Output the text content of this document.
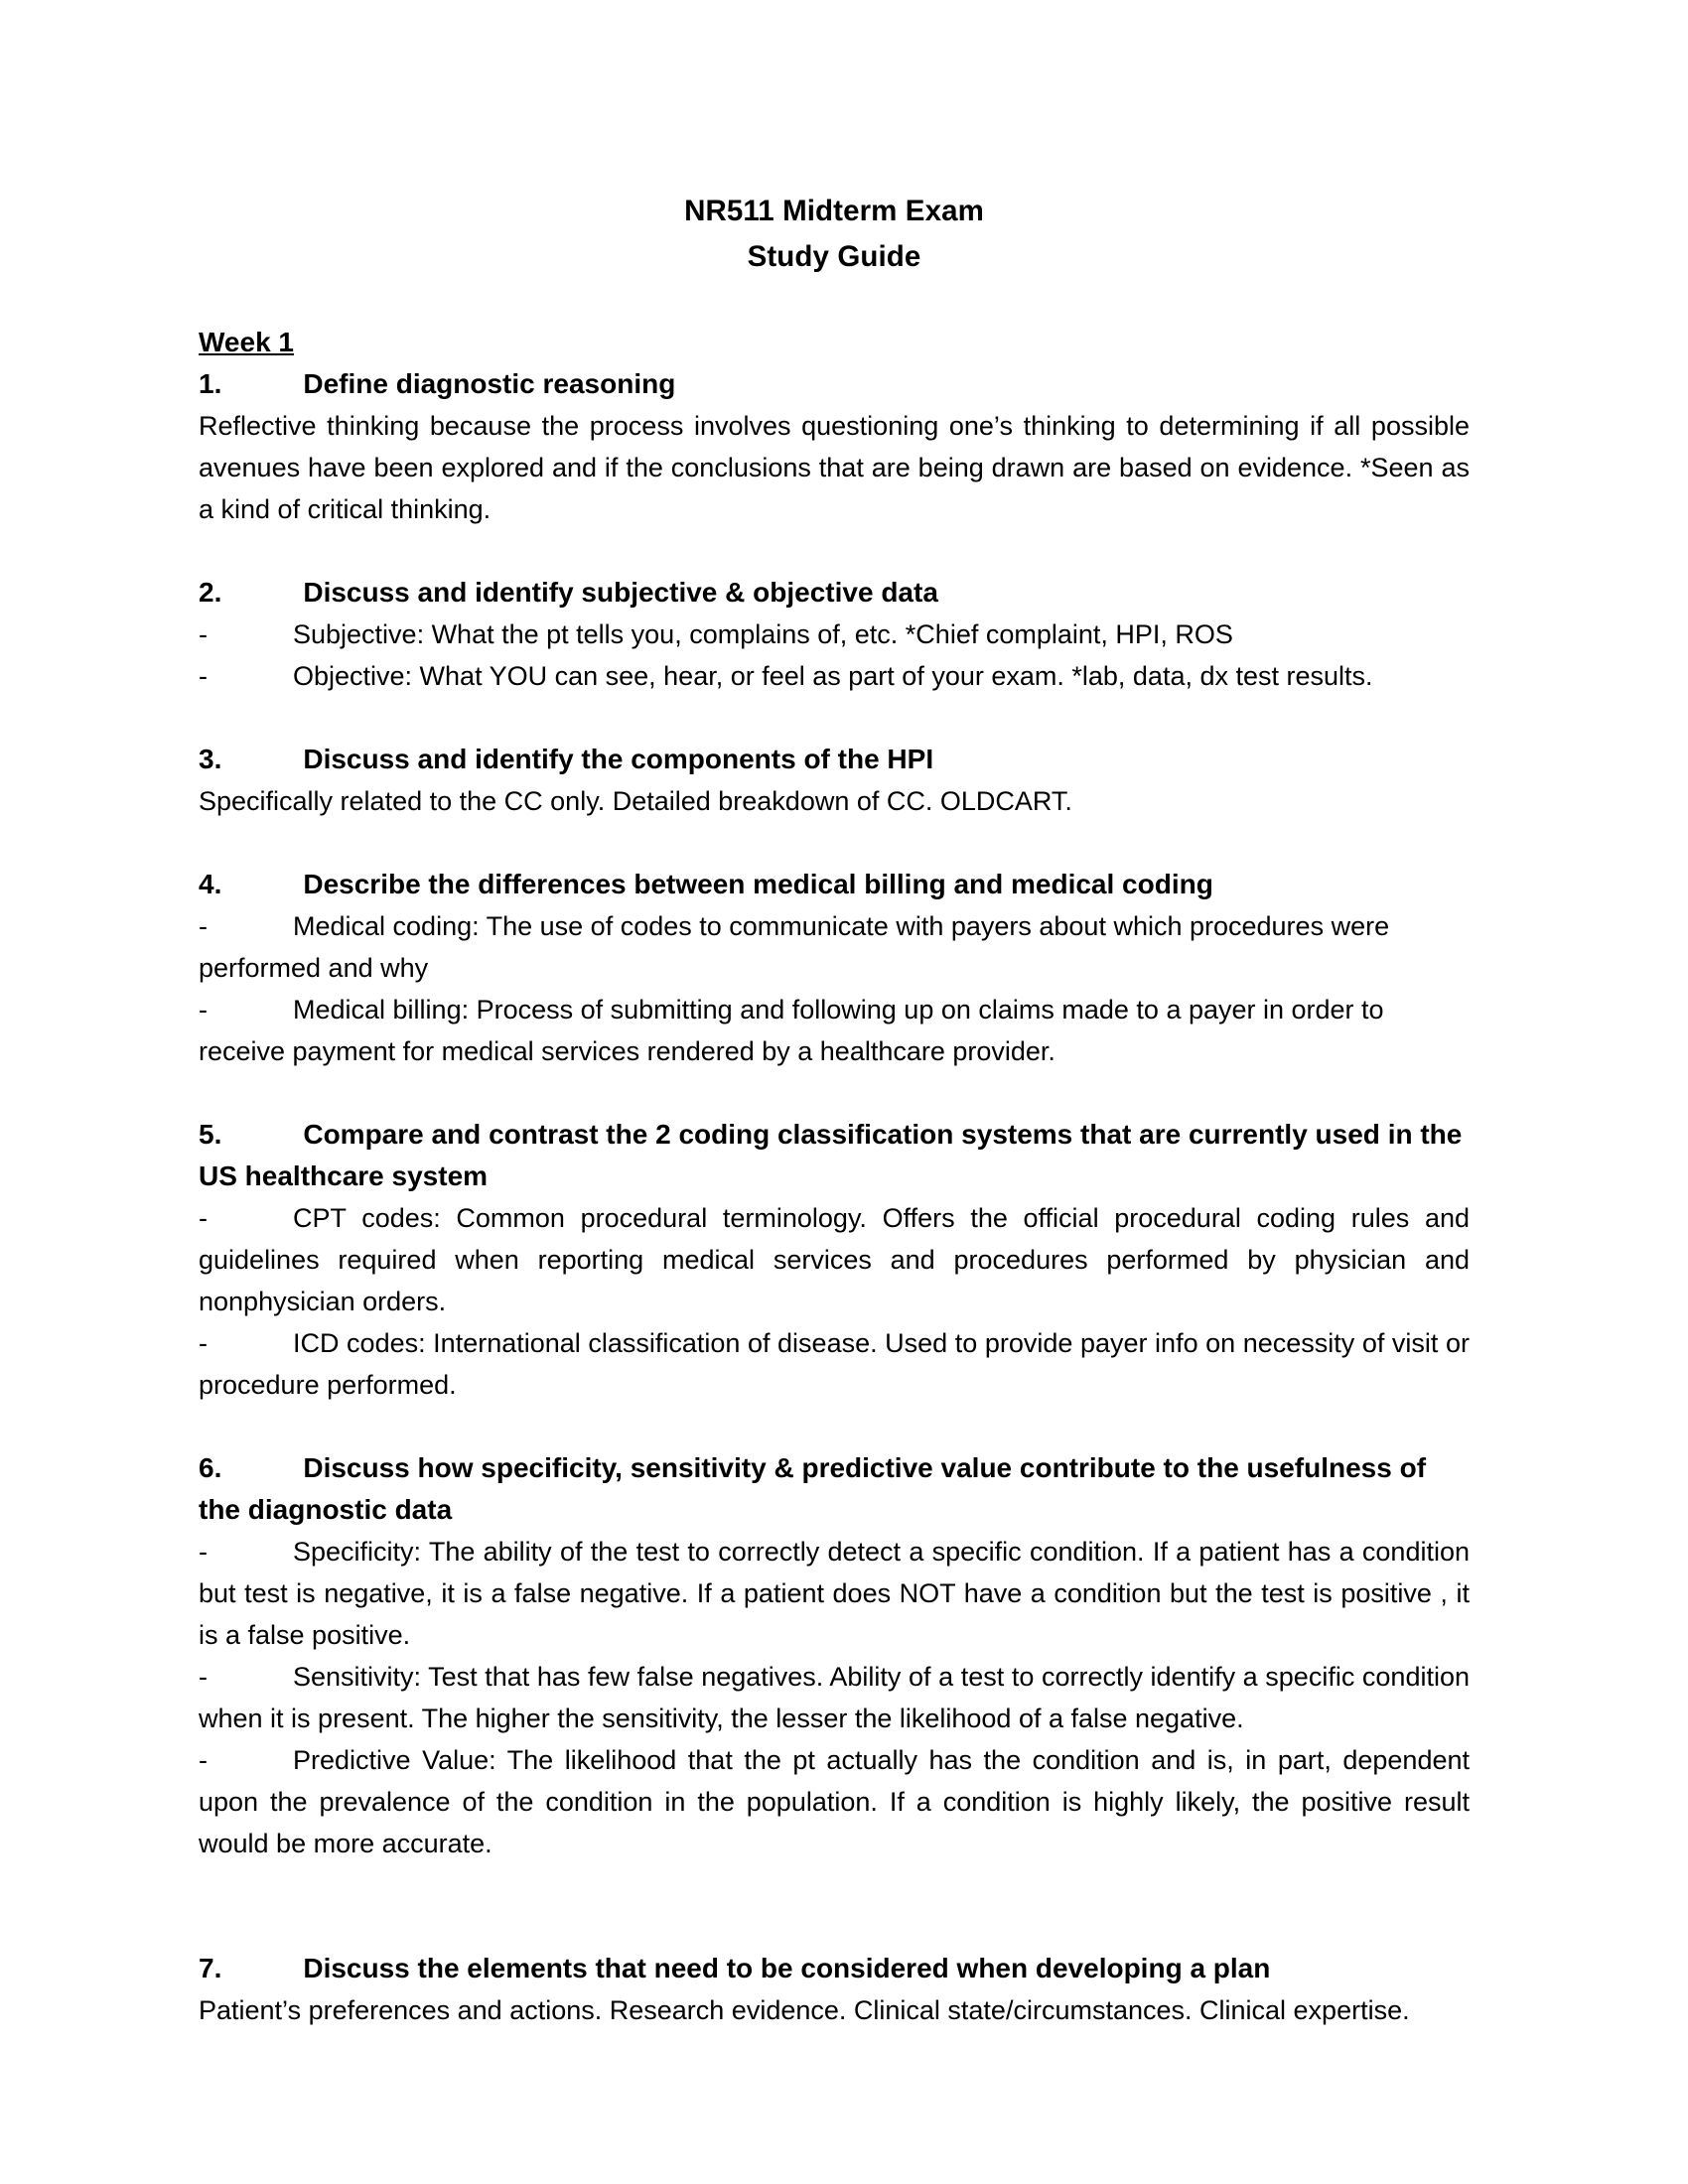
NR511 Midterm Exam
Study Guide
Week 1
1.	Define diagnostic reasoning

Reflective thinking because the process involves questioning one’s thinking to determining if all possible avenues have been explored and if the conclusions that are being drawn are based on evidence. *Seen as a kind of critical thinking.

2.	Discuss and identify subjective & objective data

-	Subjective: What the pt tells you, complains of, etc. *Chief complaint, HPI, ROS

-	Objective: What YOU can see, hear, or feel as part of your exam. *lab, data, dx test results.

3.	Discuss and identify the components of the HPI

Specifically related to the CC only. Detailed breakdown of CC. OLDCART.

4.	Describe the differences between medical billing and medical coding

-	Medical coding: The use of codes to communicate with payers about which procedures were performed and why

-	Medical billing: Process of submitting and following up on claims made to a payer in order to receive payment for medical services rendered by a healthcare provider.

5.	Compare and contrast the 2 coding classification systems that are currently used in the US healthcare system

-	CPT codes: Common procedural terminology. Offers the official procedural coding rules and guidelines required when reporting medical services and procedures performed by physician and nonphysician orders.

-	ICD codes: International classification of disease. Used to provide payer info on necessity of visit or procedure performed.

6.	Discuss how specificity, sensitivity & predictive value contribute to the usefulness of the diagnostic data

-	Specificity: The ability of the test to correctly detect a specific condition. If a patient has a condition but test is negative, it is a false negative. If a patient does NOT have a condition but the test is positive , it is a false positive.

-	Sensitivity: Test that has few false negatives. Ability of a test to correctly identify a specific condition when it is present. The higher the sensitivity, the lesser the likelihood of a false negative.

-	Predictive Value: The likelihood that the pt actually has the condition and is, in part, dependent upon the prevalence of the condition in the population. If a condition is highly likely, the positive result would be more accurate.

7.	Discuss the elements that need to be considered when developing a plan

Patient’s preferences and actions. Research evidence. Clinical state/circumstances. Clinical expertise.
